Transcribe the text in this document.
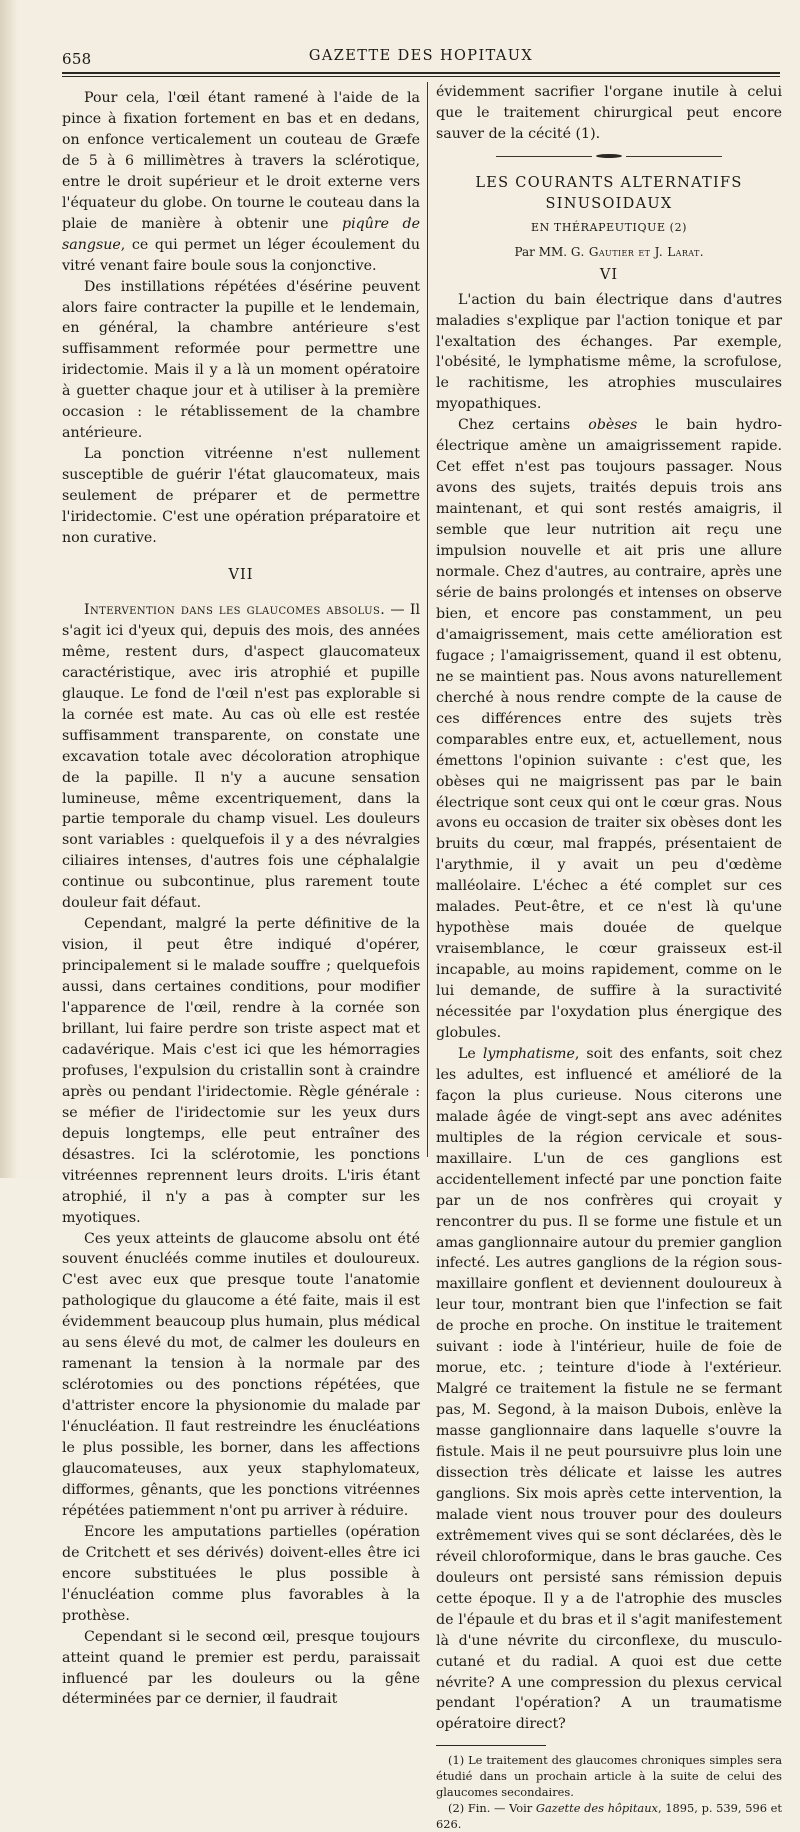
658	GAZETTE DES HOPITAUX

Pour cela, l'œil étant ramené à l'aide de la pince à fixation fortement en bas et en dedans, on enfonce verticalement un couteau de Græfe de 5 à 6 millimètres à travers la sclérotique, entre le droit supérieur et le droit externe vers l'équateur du globe. On tourne le couteau dans la plaie de manière à obtenir une piqûre de sangsue, ce qui permet un léger écoulement du vitré venant faire boule sous la conjonctive.

Des instillations répétées d'ésérine peuvent alors faire contracter la pupille et le lendemain, en général, la chambre antérieure s'est suffisamment reformée pour permettre une iridectomie. Mais il y a là un moment opératoire à guetter chaque jour et à utiliser à la première occasion : le rétablissement de la chambre antérieure.

La ponction vitréenne n'est nullement susceptible de guérir l'état glaucomateux, mais seulement de préparer et de permettre l'iridectomie. C'est une opération préparatoire et non curative.

VII

Intervention dans les glaucomes absolus. — Il s'agit ici d'yeux qui, depuis des mois, des années même, restent durs, d'aspect glaucomateux caractéristique, avec iris atrophié et pupille glauque. Le fond de l'œil n'est pas explorable si la cornée est mate. Au cas où elle est restée suffisamment transparente, on constate une excavation totale avec décoloration atrophique de la papille. Il n'y a aucune sensation lumineuse, même excentriquement, dans la partie temporale du champ visuel. Les douleurs sont variables : quelquefois il y a des névralgies ciliaires intenses, d'autres fois une céphalalgie continue ou subcontinue, plus rarement toute douleur fait défaut.

Cependant, malgré la perte définitive de la vision, il peut être indiqué d'opérer, principalement si le malade souffre ; quelquefois aussi, dans certaines conditions, pour modifier l'apparence de l'œil, rendre à la cornée son brillant, lui faire perdre son triste aspect mat et cadavérique. Mais c'est ici que les hémorragies profuses, l'expulsion du cristallin sont à craindre après ou pendant l'iridectomie. Règle générale : se méfier de l'iridectomie sur les yeux durs depuis longtemps, elle peut entraîner des désastres. Ici la sclérotomie, les ponctions vitréennes reprennent leurs droits. L'iris étant atrophié, il n'y a pas à compter sur les myotiques.

Ces yeux atteints de glaucome absolu ont été souvent énucléés comme inutiles et douloureux. C'est avec eux que presque toute l'anatomie pathologique du glaucome a été faite, mais il est évidemment beaucoup plus humain, plus médical au sens élevé du mot, de calmer les douleurs en ramenant la tension à la normale par des sclérotomies ou des ponctions répétées, que d'attrister encore la physionomie du malade par l'énucléation. Il faut restreindre les énucléations le plus possible, les borner, dans les affections glaucomateuses, aux yeux staphylomateux, difformes, gênants, que les ponctions vitréennes répétées patiemment n'ont pu arriver à réduire.

Encore les amputations partielles (opération de Critchett et ses dérivés) doivent-elles être ici encore substituées le plus possible à l'énucléation comme plus favorables à la prothèse.

Cependant si le second œil, presque toujours atteint quand le premier est perdu, paraissait influencé par les douleurs ou la gêne déterminées par ce dernier, il faudrait

évidemment sacrifier l'organe inutile à celui que le traitement chirurgical peut encore sauver de la cécité (1).

LES COURANTS ALTERNATIFS SINUSOIDAUX
EN THÉRAPEUTIQUE (2)
Par MM. G. Gautier et J. Larat.
VI

L'action du bain électrique dans d'autres maladies s'explique par l'action tonique et par l'exaltation des échanges. Par exemple, l'obésité, le lymphatisme même, la scrofulose, le rachitisme, les atrophies musculaires myopathiques.

Chez certains obèses le bain hydro-électrique amène un amaigrissement rapide. Cet effet n'est pas toujours passager. Nous avons des sujets, traités depuis trois ans maintenant, et qui sont restés amaigris, il semble que leur nutrition ait reçu une impulsion nouvelle et ait pris une allure normale. Chez d'autres, au contraire, après une série de bains prolongés et intenses on observe bien, et encore pas constamment, un peu d'amaigrissement, mais cette amélioration est fugace ; l'amaigrissement, quand il est obtenu, ne se maintient pas. Nous avons naturellement cherché à nous rendre compte de la cause de ces différences entre des sujets très comparables entre eux, et, actuellement, nous émettons l'opinion suivante : c'est que, les obèses qui ne maigrissent pas par le bain électrique sont ceux qui ont le cœur gras. Nous avons eu occasion de traiter six obèses dont les bruits du cœur, mal frappés, présentaient de l'arythmie, il y avait un peu d'œdème malléolaire. L'échec a été complet sur ces malades. Peut-être, et ce n'est là qu'une hypothèse mais douée de quelque vraisemblance, le cœur graisseux est-il incapable, au moins rapidement, comme on le lui demande, de suffire à la suractivité nécessitée par l'oxydation plus énergique des globules.

Le lymphatisme, soit des enfants, soit chez les adultes, est influencé et amélioré de la façon la plus curieuse. Nous citerons une malade âgée de vingt-sept ans avec adénites multiples de la région cervicale et sous-maxillaire. L'un de ces ganglions est accidentellement infecté par une ponction faite par un de nos confrères qui croyait y rencontrer du pus. Il se forme une fistule et un amas ganglionnaire autour du premier ganglion infecté. Les autres ganglions de la région sous-maxillaire gonflent et deviennent douloureux à leur tour, montrant bien que l'infection se fait de proche en proche. On institue le traitement suivant : iode à l'intérieur, huile de foie de morue, etc. ; teinture d'iode à l'extérieur. Malgré ce traitement la fistule ne se fermant pas, M. Segond, à la maison Dubois, enlève la masse ganglionnaire dans laquelle s'ouvre la fistule. Mais il ne peut poursuivre plus loin une dissection très délicate et laisse les autres ganglions. Six mois après cette intervention, la malade vient nous trouver pour des douleurs extrêmement vives qui se sont déclarées, dès le réveil chloroformique, dans le bras gauche. Ces douleurs ont persisté sans rémission depuis cette époque. Il y a de l'atrophie des muscles de l'épaule et du bras et il s'agit manifestement là d'une névrite du circonflexe, du musculo-cutané et du radial. A quoi est due cette névrite? A une compression du plexus cervical pendant l'opération? A un traumatisme opératoire direct?

(1) Le traitement des glaucomes chroniques simples sera étudié dans un prochain article à la suite de celui des glaucomes secondaires.

(2) Fin. — Voir Gazette des hôpitaux, 1895, p. 539, 596 et 626.
